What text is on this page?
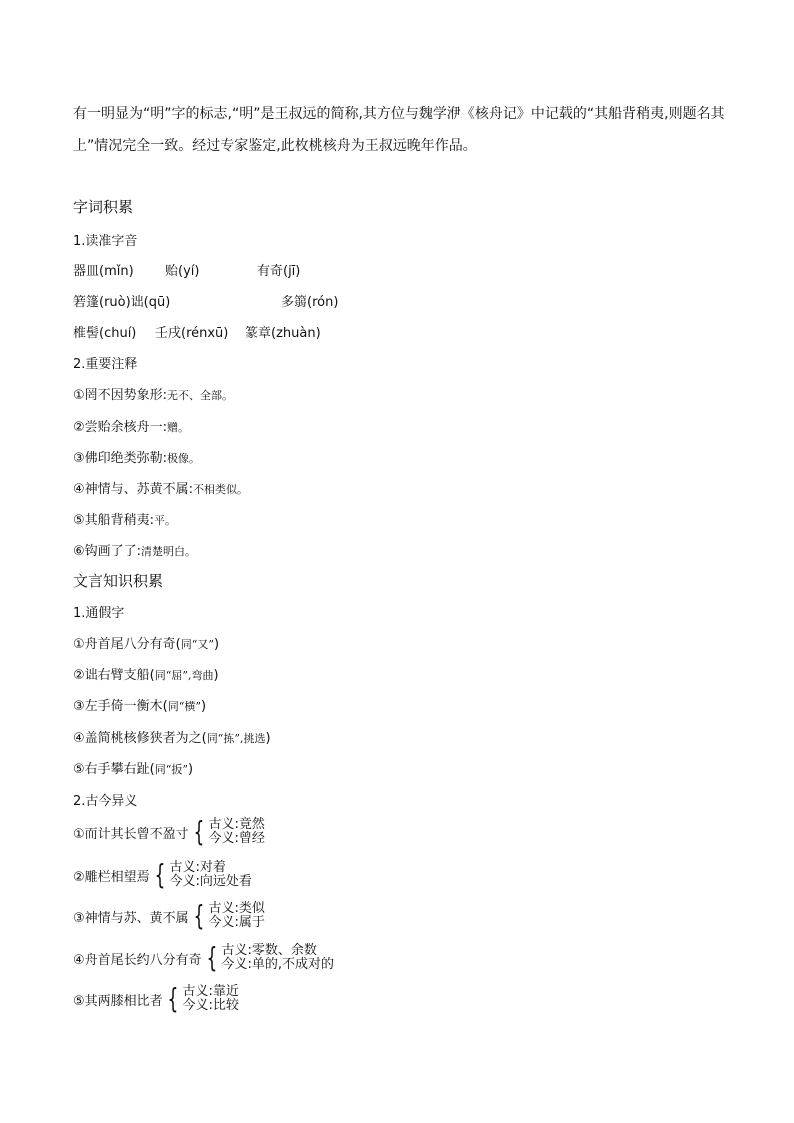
有一明显为“明”字的标志,“明”是王叔远的简称,其方位与魏学洢《核舟记》中记载的“其船背稍夷,则题名其上”情况完全一致。经过专家鉴定,此枚桃核舟为王叔远晚年作品。
字词积累
1.读准字音
器皿(mǐn) 贻(yí)	有奇(jī)
箬篷(ruò)诎(qū)	多篛(rón)
椎髻(chuí) 壬戌(rénxū) 篆章(zhuàn)
2.重要注释
①罔不因势象形:无不、全部。
②尝贻余核舟一:赠。
③佛印绝类弥勒:极像。
④神情与、苏黄不属:不相类似。
⑤其船背稍夷:平。
⑥钩画了了:清楚明白。
文言知识积累
1.通假字
①舟首尾八分有奇(同“又”)
②诎右臂支船(同“屈”,弯曲)
③左手倚一衡木(同“横”)
④盖简桃核修狭者为之(同“拣”,挑选)
⑤右手攀右趾(同“扳”)
2.古今异义
①而计其长曾不盈寸 { 古义:竟然
今义:曾经
②雕栏相望焉 { 古义:对着
今义:向远处看
③神情与苏、黄不属 { 古义:类似
今义:属于
④舟首尾长约八分有奇 { 古义:零数、余数
今义:单的,不成对的
⑤其两膝相比者 { 古义:靠近
今义:比较
